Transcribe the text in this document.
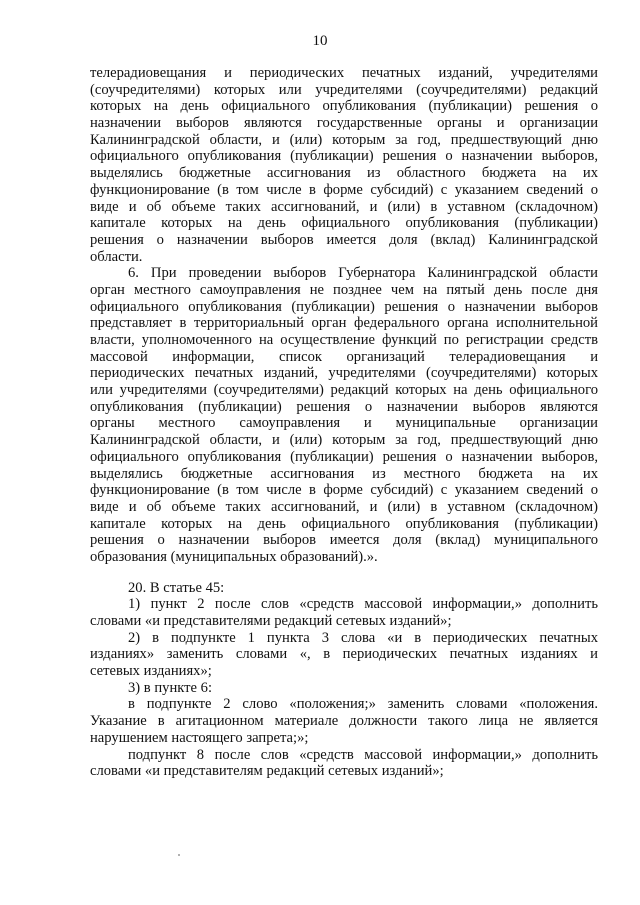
10
телерадиовещания и периодических печатных изданий, учредителями
(соучредителями) которых или учредителями (соучредителями) редакций
которых на день официального опубликования (публикации) решения о
назначении выборов являются государственные органы и организации
Калининградской области, и (или) которым за год, предшествующий дню
официального опубликования (публикации) решения о назначении выборов,
выделялись бюджетные ассигнования из областного бюджета на их
функционирование (в том числе в форме субсидий) с указанием сведений о
виде и об объеме таких ассигнований, и (или) в уставном (складочном)
капитале которых на день официального опубликования (публикации)
решения о назначении выборов имеется доля (вклад) Калининградской
области.
6. При проведении выборов Губернатора Калининградской области
орган местного самоуправления не позднее чем на пятый день после дня
официального опубликования (публикации) решения о назначении выборов
представляет в территориальный орган федерального органа исполнительной
власти, уполномоченного на осуществление функций по регистрации средств
массовой информации, список организаций телерадиовещания и
периодических печатных изданий, учредителями (соучредителями) которых
или учредителями (соучредителями) редакций которых на день официального
опубликования (публикации) решения о назначении выборов являются
органы местного самоуправления и муниципальные организации
Калининградской области, и (или) которым за год, предшествующий дню
официального опубликования (публикации) решения о назначении выборов,
выделялись бюджетные ассигнования из местного бюджета на их
функционирование (в том числе в форме субсидий) с указанием сведений о
виде и об объеме таких ассигнований, и (или) в уставном (складочном)
капитале которых на день официального опубликования (публикации)
решения о назначении выборов имеется доля (вклад) муниципального
образования (муниципальных образований).».
20. В статье 45:
1) пункт 2 после слов «средств массовой информации,» дополнить
словами «и представителями редакций сетевых изданий»;
2) в подпункте 1 пункта 3 слова «и в периодических печатных
изданиях» заменить словами «, в периодических печатных изданиях и
сетевых изданиях»;
3) в пункте 6:
в подпункте 2 слово «положения;» заменить словами «положения.
Указание в агитационном материале должности такого лица не является
нарушением настоящего запрета;»;
подпункт 8 после слов «средств массовой информации,» дополнить
словами «и представителям редакций сетевых изданий»;
